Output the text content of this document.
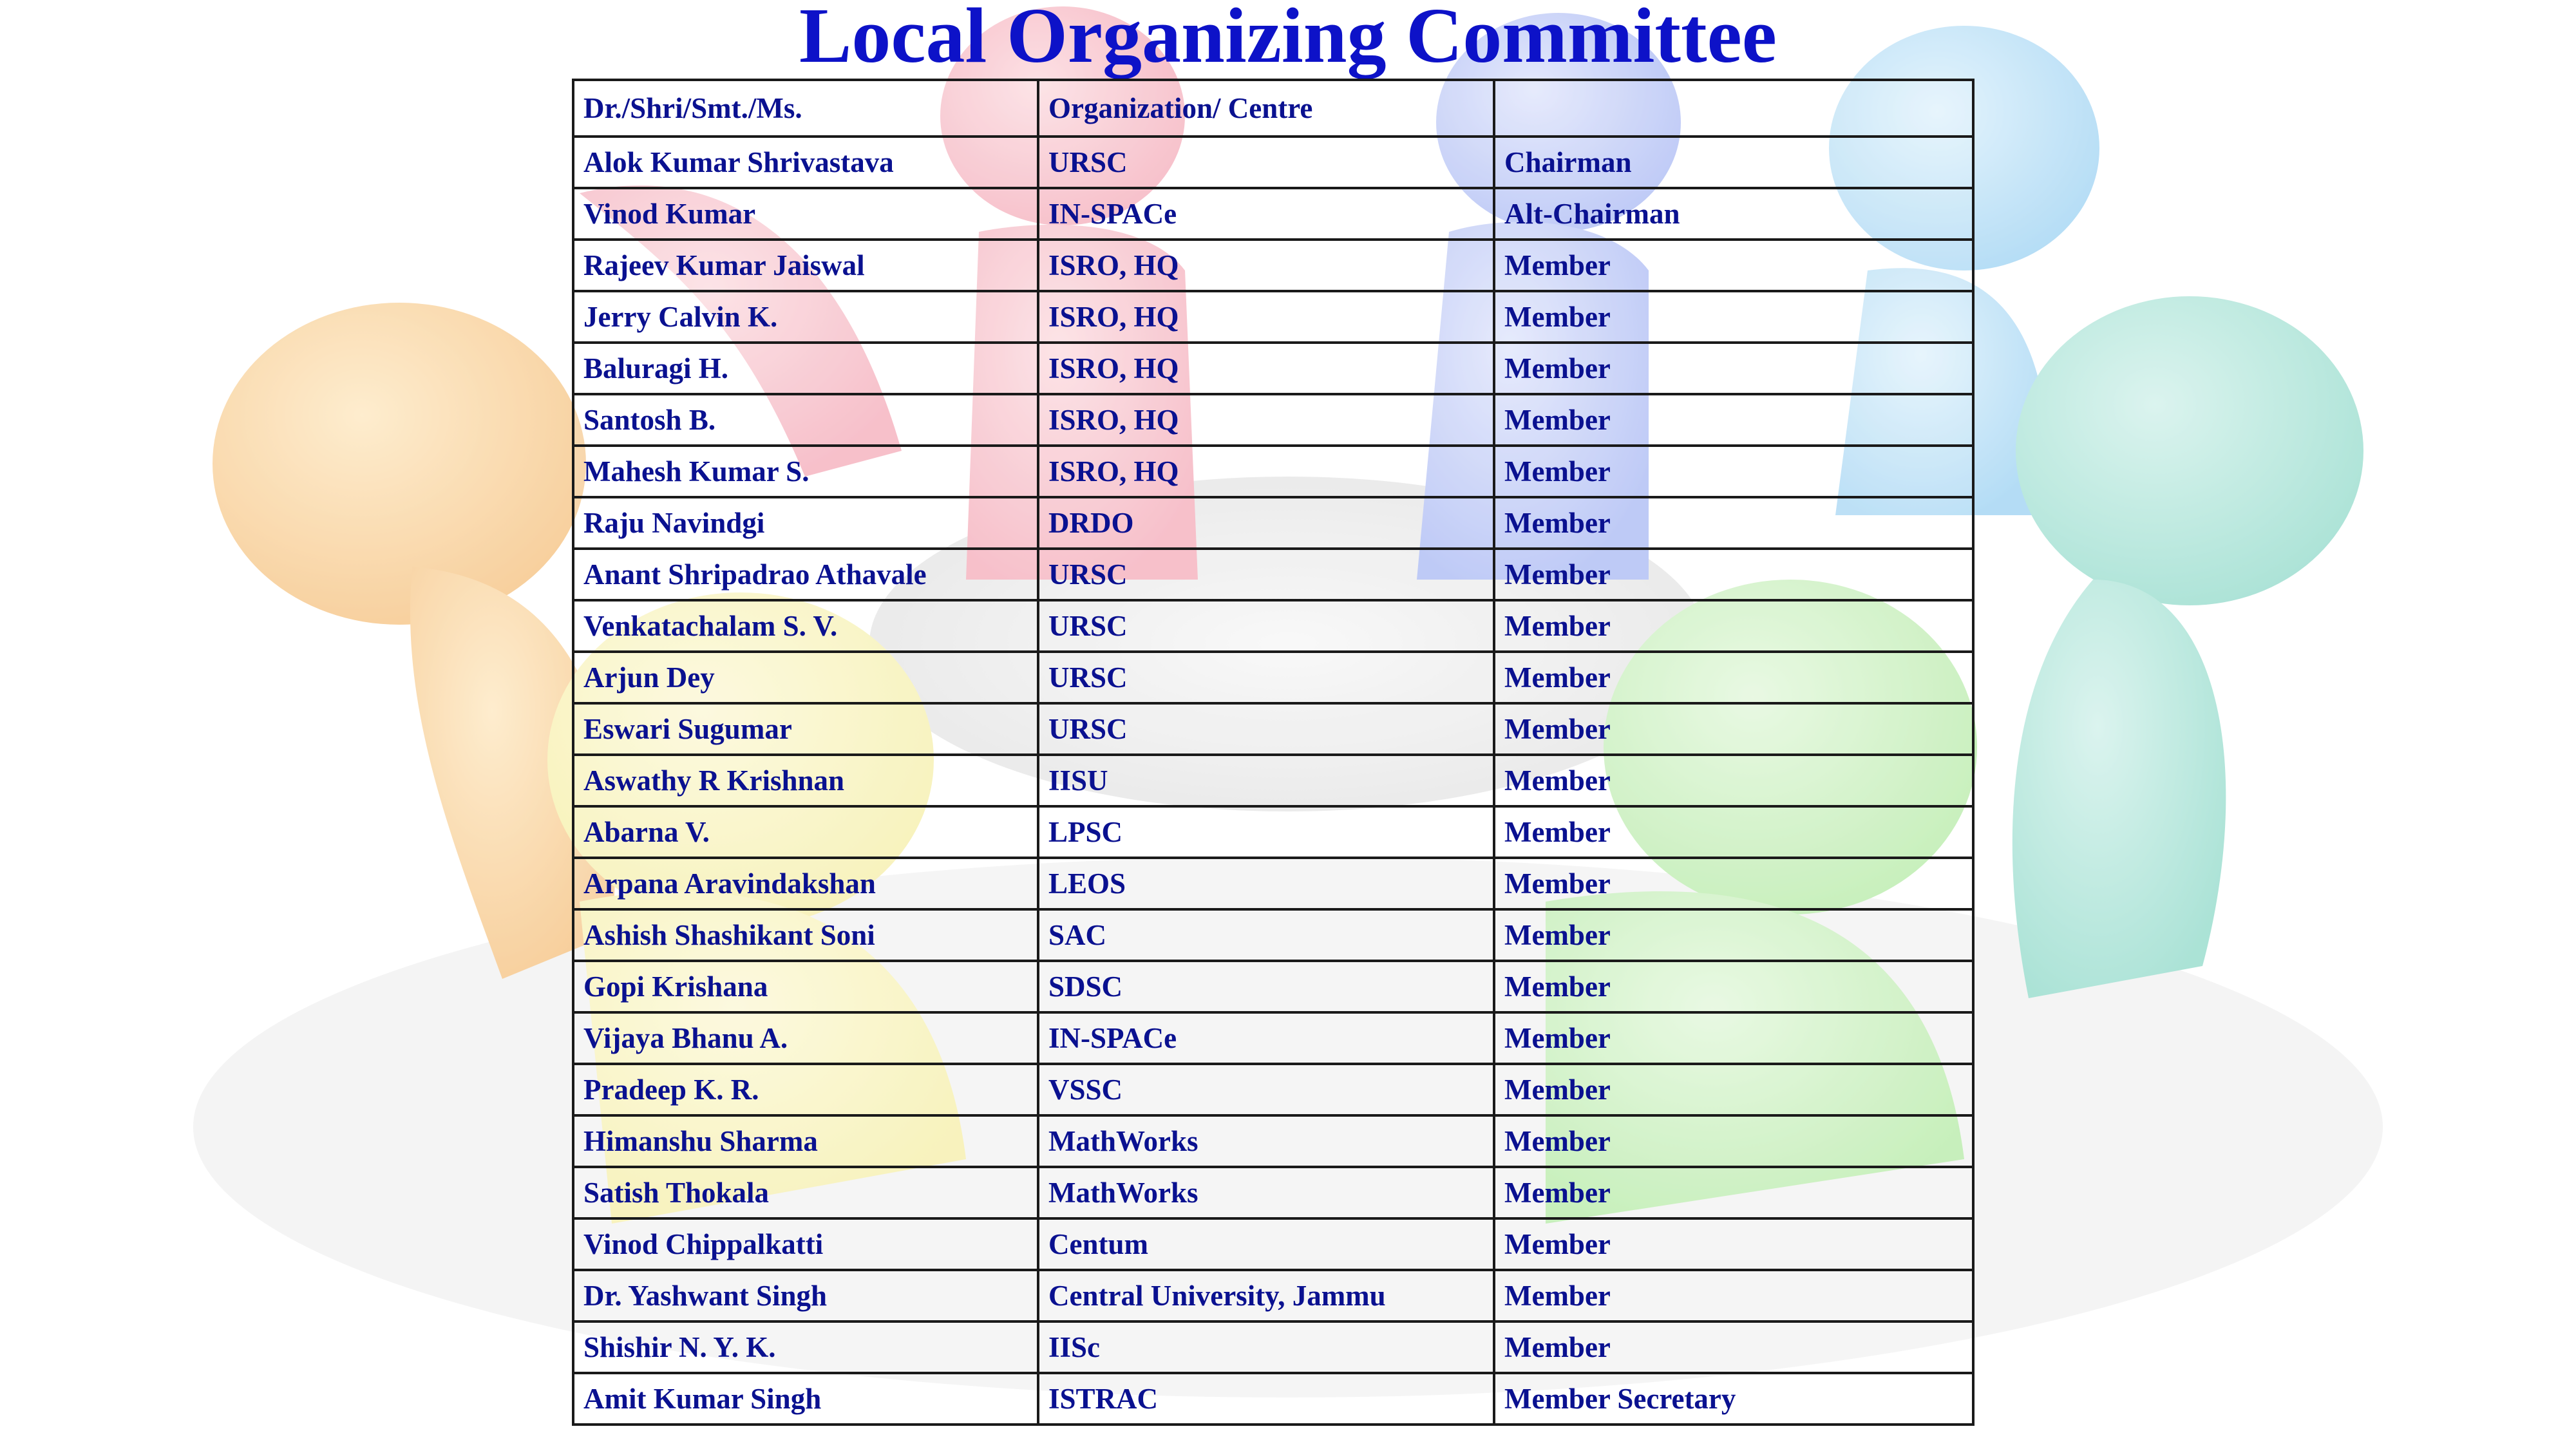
Local Organizing Committee
Dr./Shri/Smt./Ms.	Organization/ Centre	
Alok Kumar Shrivastava	URSC	Chairman
Vinod Kumar	IN-SPACe	Alt-Chairman
Rajeev Kumar Jaiswal	ISRO, HQ	Member
Jerry Calvin K.	ISRO, HQ	Member
Baluragi H.	ISRO, HQ	Member
Santosh B.	ISRO, HQ	Member
Mahesh Kumar S.	ISRO, HQ	Member
Raju Navindgi	DRDO	Member
Anant Shripadrao Athavale	URSC	Member
Venkatachalam S. V.	URSC	Member
Arjun Dey	URSC	Member
Eswari Sugumar	URSC	Member
Aswathy R Krishnan	IISU	Member
Abarna V.	LPSC	Member
Arpana Aravindakshan	LEOS	Member
Ashish Shashikant Soni	SAC	Member
Gopi Krishana	SDSC	Member
Vijaya Bhanu A.	IN-SPACe	Member
Pradeep K. R.	VSSC	Member
Himanshu Sharma	MathWorks	Member
Satish Thokala	MathWorks	Member
Vinod Chippalkatti	Centum	Member
Dr. Yashwant Singh	Central University, Jammu	Member
Shishir N. Y. K.	IISc	Member
Amit Kumar Singh	ISTRAC	Member Secretary
